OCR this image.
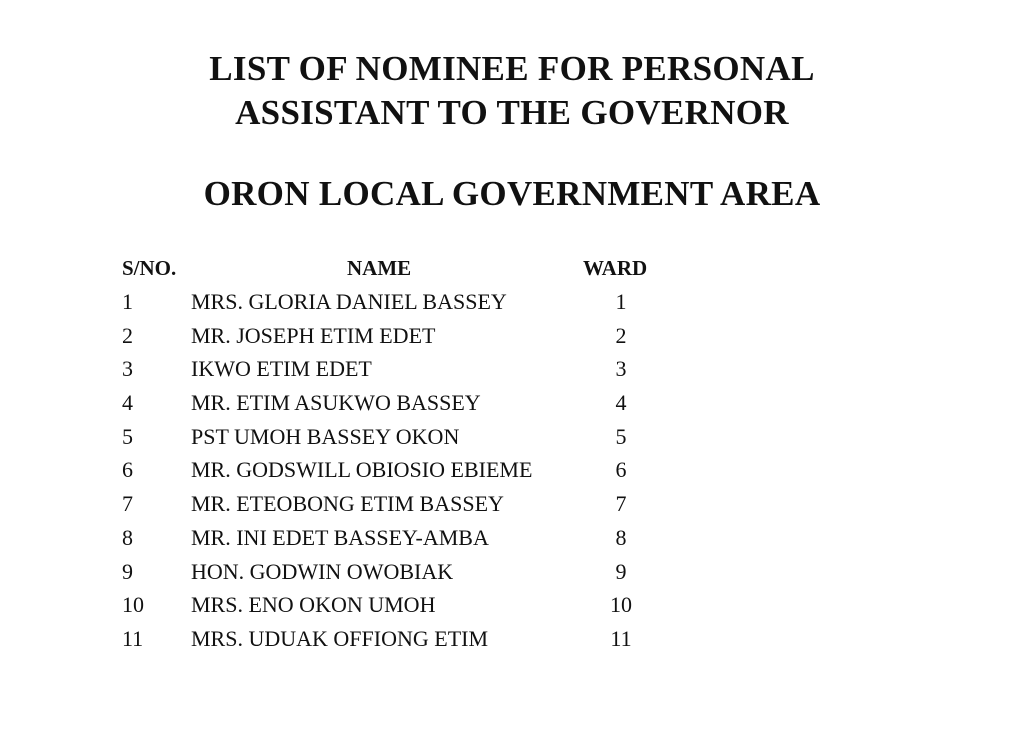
LIST OF NOMINEE FOR PERSONAL
ASSISTANT TO THE GOVERNOR
ORON LOCAL GOVERNMENT AREA
S/NO.	NAME	WARD
1	MRS. GLORIA DANIEL BASSEY	1
2	MR. JOSEPH ETIM EDET	2
3	IKWO ETIM EDET	3
4	MR. ETIM ASUKWO BASSEY	4
5	PST UMOH BASSEY OKON	5
6	MR. GODSWILL OBIOSIO EBIEME	6
7	MR. ETEOBONG ETIM BASSEY	7
8	MR. INI EDET BASSEY-AMBA	8
9	HON. GODWIN OWOBIAK	9
10 MRS. ENO OKON UMOH	10
11 MRS. UDUAK OFFIONG ETIM	11
